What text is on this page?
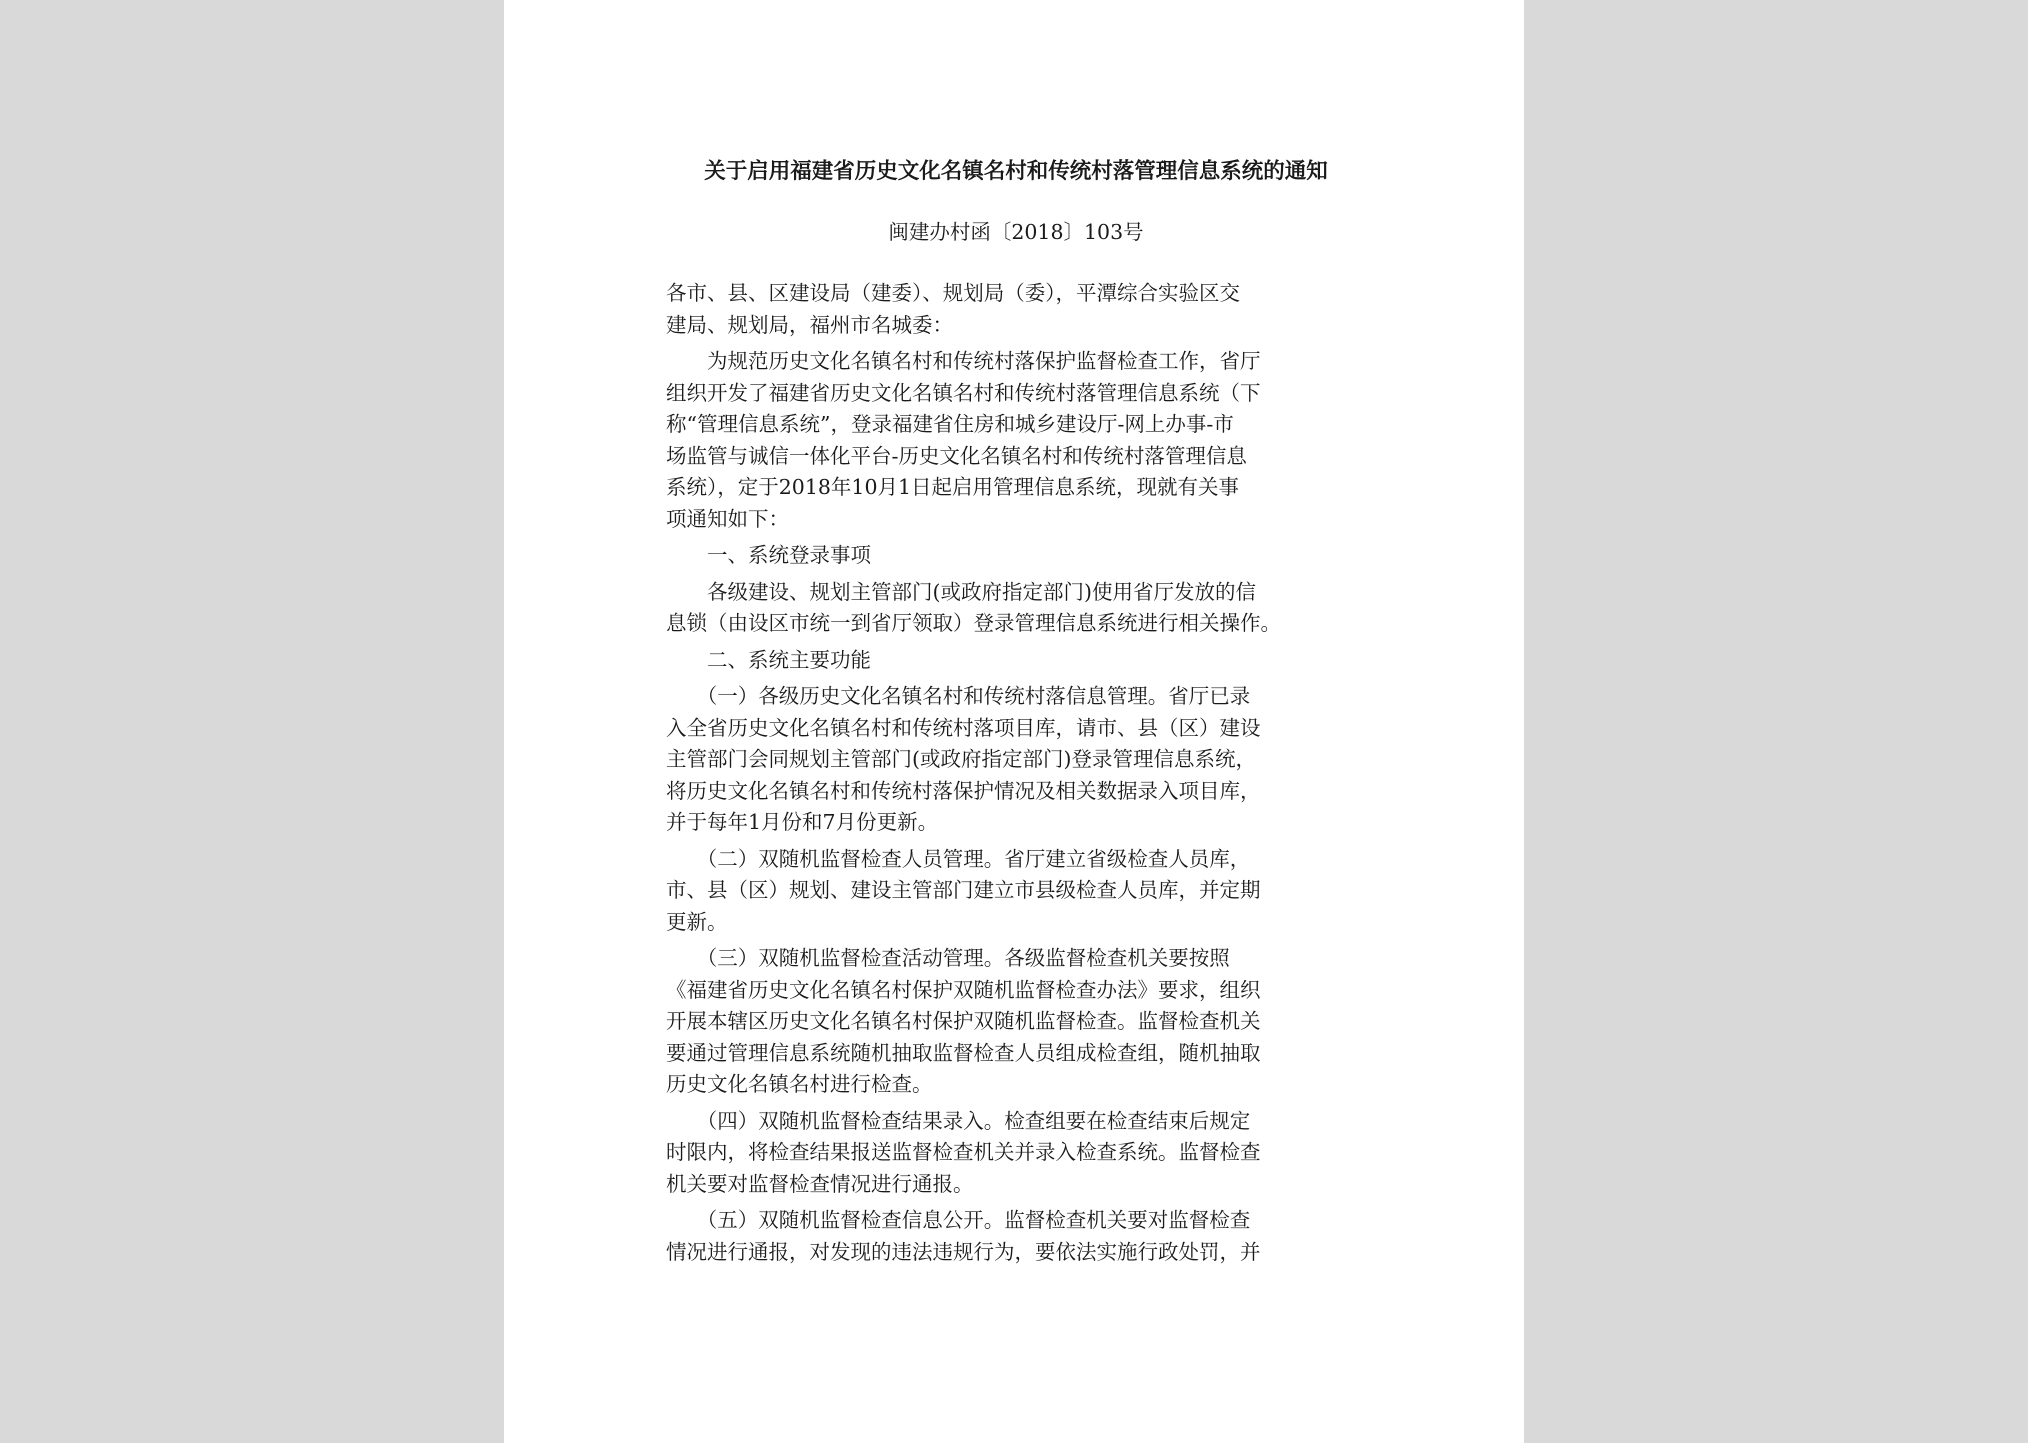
关于启用福建省历史文化名镇名村和传统村落管理信息系统的通知
闽建办村函〔2018〕103号
各市、县、区建设局（建委）、规划局（委），平潭综合实验区交
建局、规划局，福州市名城委：
　　为规范历史文化名镇名村和传统村落保护监督检查工作，省厅
组织开发了福建省历史文化名镇名村和传统村落管理信息系统（下
称“管理信息系统”，登录福建省住房和城乡建设厅-网上办事-市
场监管与诚信一体化平台-历史文化名镇名村和传统村落管理信息
系统），定于2018年10月1日起启用管理信息系统，现就有关事
项通知如下：
　　一、系统登录事项
　　各级建设、规划主管部门(或政府指定部门)使用省厅发放的信
息锁（由设区市统一到省厅领取）登录管理信息系统进行相关操作。
　　二、系统主要功能
　　（一）各级历史文化名镇名村和传统村落信息管理。省厅已录
入全省历史文化名镇名村和传统村落项目库，请市、县（区）建设
主管部门会同规划主管部门(或政府指定部门)登录管理信息系统，
将历史文化名镇名村和传统村落保护情况及相关数据录入项目库，
并于每年1月份和7月份更新。
　　（二）双随机监督检查人员管理。省厅建立省级检查人员库，
市、县（区）规划、建设主管部门建立市县级检查人员库，并定期
更新。
　　（三）双随机监督检查活动管理。各级监督检查机关要按照
《福建省历史文化名镇名村保护双随机监督检查办法》要求，组织
开展本辖区历史文化名镇名村保护双随机监督检查。监督检查机关
要通过管理信息系统随机抽取监督检查人员组成检查组，随机抽取
历史文化名镇名村进行检查。
　　（四）双随机监督检查结果录入。检查组要在检查结束后规定
时限内，将检查结果报送监督检查机关并录入检查系统。监督检查
机关要对监督检查情况进行通报。
　　（五）双随机监督检查信息公开。监督检查机关要对监督检查
情况进行通报，对发现的违法违规行为，要依法实施行政处罚，并
